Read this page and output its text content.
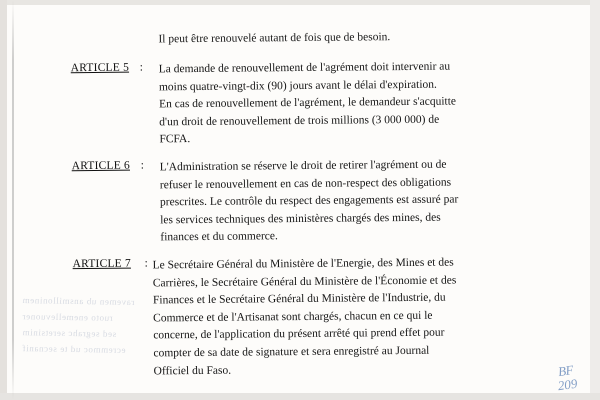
ravemen ub ansmilloninem
ruoto enemellevuoner
sed segrahc seretsinim
ecremmoc ud te secnanif
BF
209
Il peut être renouvelé autant de fois que de besoin.
ARTICLE 5 : La demande de renouvellement de l'agrément doit intervenir au
moins quatre-vingt-dix (90) jours avant le délai d'expiration.
En cas de renouvellement de l'agrément, le demandeur s'acquitte
d'un droit de renouvellement de trois millions (3 000 000) de
FCFA.
ARTICLE 6 : L'Administration se réserve le droit de retirer l'agrément ou de
refuser le renouvellement en cas de non-respect des obligations
prescrites. Le contrôle du respect des engagements est assuré par
les services techniques des ministères chargés des mines, des
finances et du commerce.
ARTICLE 7	: Le Secrétaire Général du Ministère de l'Energie, des Mines et des
Carrières, le Secrétaire Général du Ministère de l'Économie et des
Finances et le Secrétaire Général du Ministère de l'Industrie, du
Commerce et de l'Artisanat sont chargés, chacun en ce qui le
concerne, de l'application du présent arrêté qui prend effet pour
compter de sa date de signature et sera enregistré au Journal
Officiel du Faso.
